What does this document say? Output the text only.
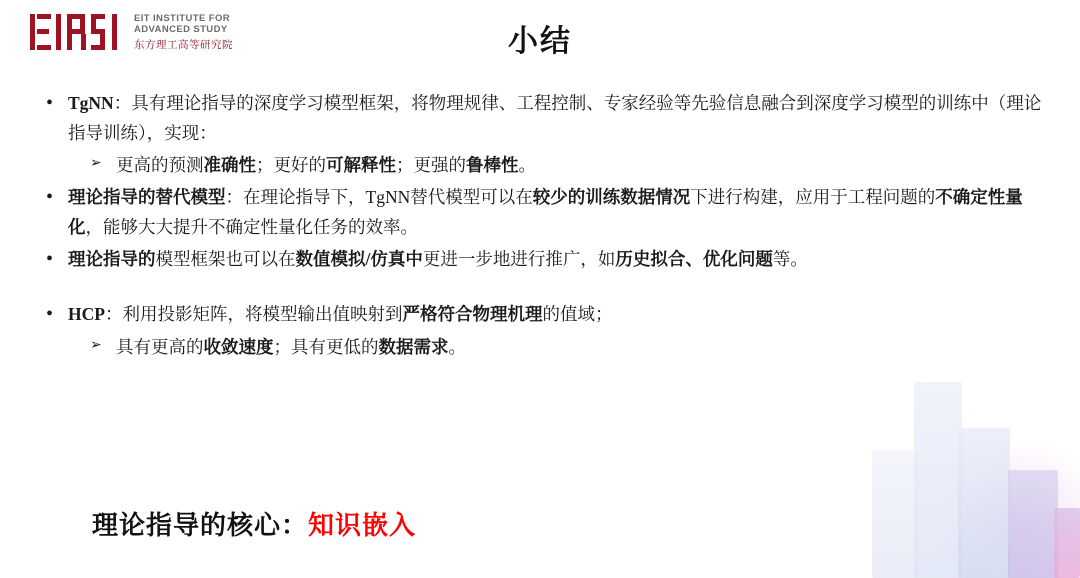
EIT INSTITUTE FOR
ADVANCED STUDY
东方理工高等研究院	小结
• TgNN：具有理论指导的深度学习模型框架，将物理规律、工程控制、专家经验等先验信息融合到深度学习模型的训练中（理论指导训练），实现：
➢ 更高的预测准确性；更好的可解释性；更强的鲁棒性。
• 理论指导的替代模型：在理论指导下，TgNN替代模型可以在较少的训练数据情况下进行构建，应用于工程问题的不确定性量化，能够大大提升不确定性量化任务的效率。
• 理论指导的模型框架也可以在数值模拟/仿真中更进一步地进行推广，如历史拟合、优化问题等。
• HCP：利用投影矩阵，将模型输出值映射到严格符合物理机理的值域；
➢ 具有更高的收敛速度；具有更低的数据需求。
理论指导的核心：知识嵌入
